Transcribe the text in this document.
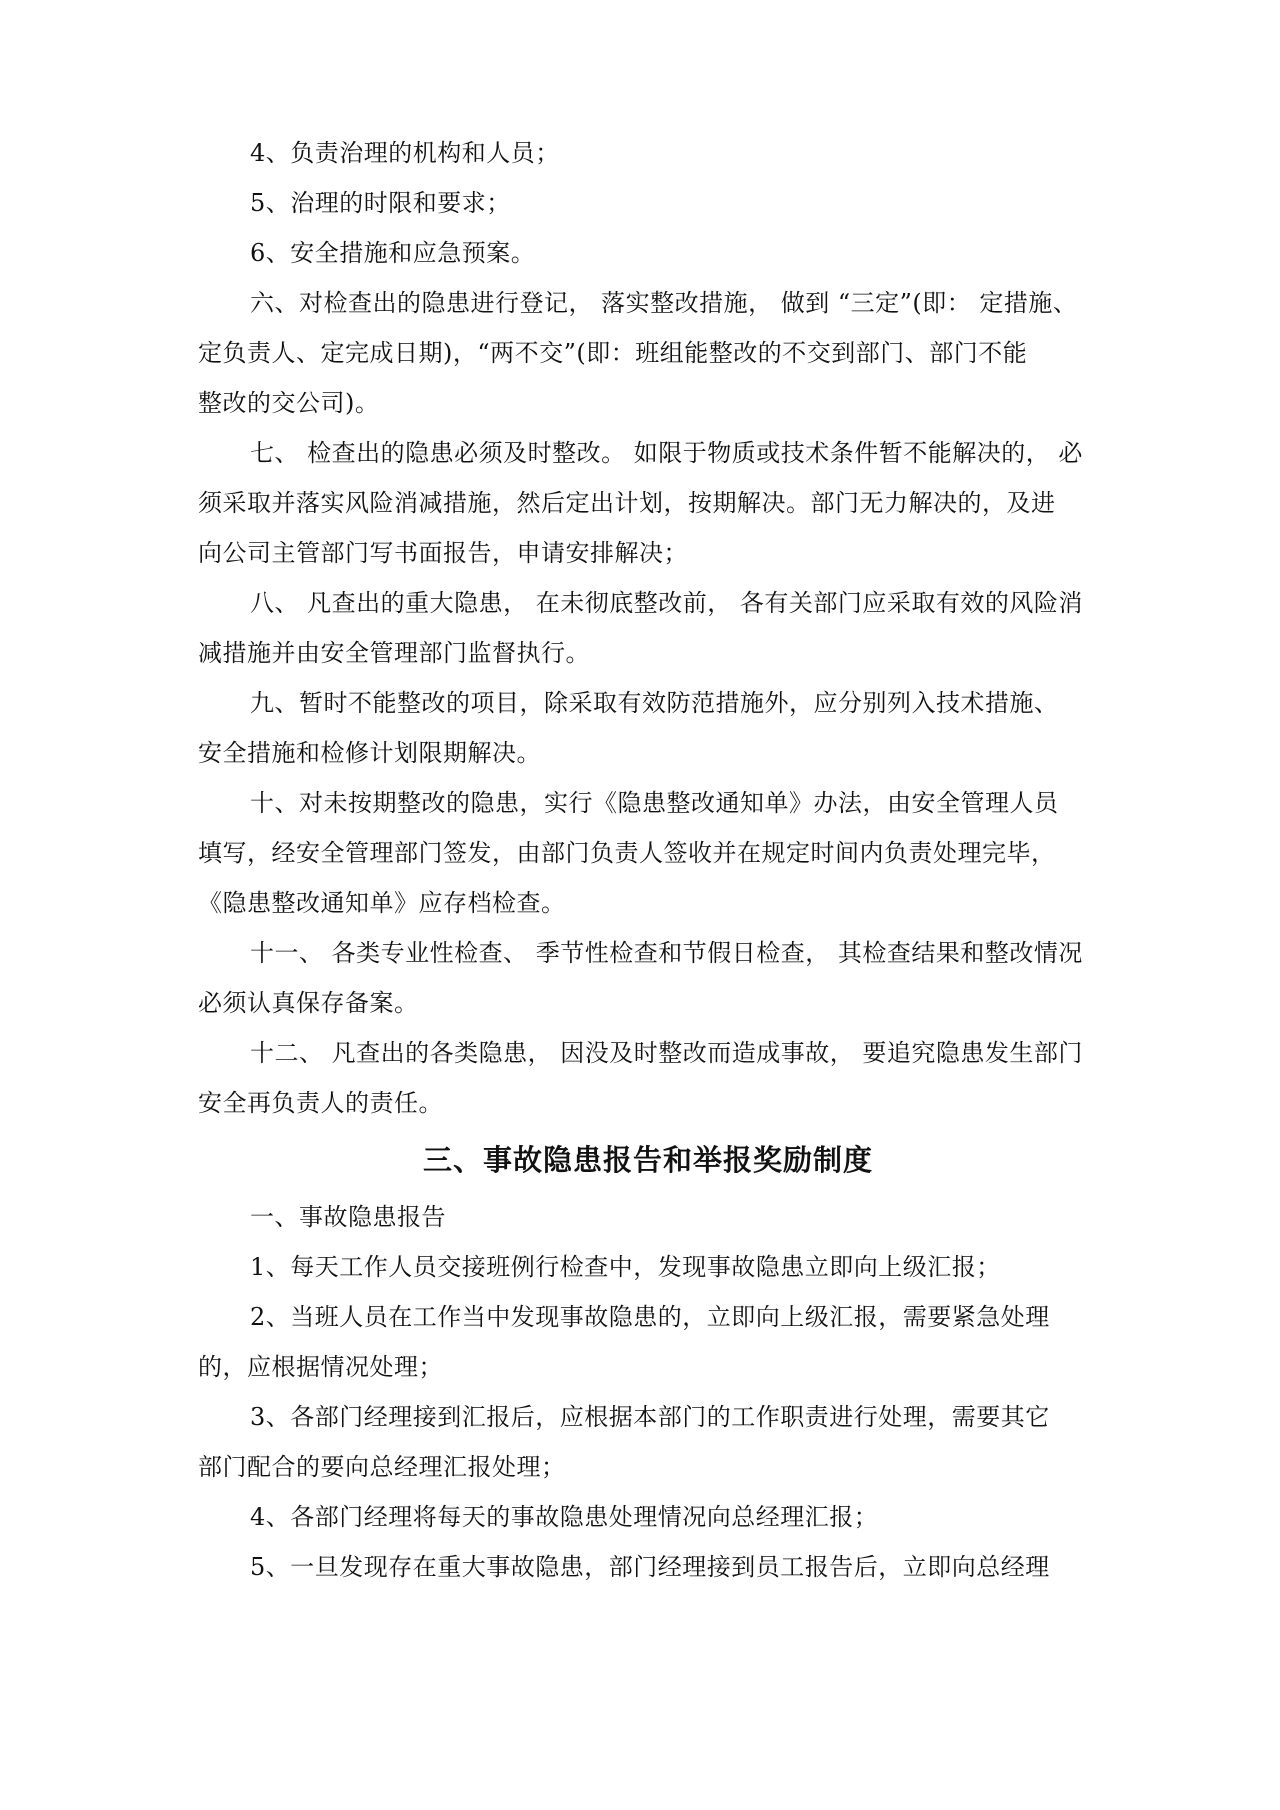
4、负责治理的机构和人员；
5、治理的时限和要求；
6、安全措施和应急预案。
六、对检查出的隐患进行登记， 落实整改措施， 做到 “三定”(即： 定措施、
定负责人、定完成日期)，“两不交”(即：班组能整改的不交到部门、部门不能
整改的交公司)。
七、 检查出的隐患必须及时整改。 如限于物质或技术条件暂不能解决的， 必
须采取并落实风险消减措施，然后定出计划，按期解决。部门无力解决的，及进
向公司主管部门写书面报告，申请安排解决；
八、 凡查出的重大隐患， 在未彻底整改前， 各有关部门应采取有效的风险消
减措施并由安全管理部门监督执行。
九、暂时不能整改的项目，除采取有效防范措施外，应分别列入技术措施、
安全措施和检修计划限期解决。
十、对未按期整改的隐患，实行《隐患整改通知单》办法，由安全管理人员
填写，经安全管理部门签发，由部门负责人签收并在规定时间内负责处理完毕，
《隐患整改通知单》应存档检查。
十一、 各类专业性检查、 季节性检查和节假日检查， 其检查结果和整改情况
必须认真保存备案。
十二、 凡查出的各类隐患， 因没及时整改而造成事故， 要追究隐患发生部门
安全再负责人的责任。
三、事故隐患报告和举报奖励制度
一、事故隐患报告
1、每天工作人员交接班例行检查中，发现事故隐患立即向上级汇报；
2、当班人员在工作当中发现事故隐患的，立即向上级汇报，需要紧急处理
的，应根据情况处理；
3、各部门经理接到汇报后，应根据本部门的工作职责进行处理，需要其它
部门配合的要向总经理汇报处理；
4、各部门经理将每天的事故隐患处理情况向总经理汇报；
5、一旦发现存在重大事故隐患，部门经理接到员工报告后，立即向总经理
